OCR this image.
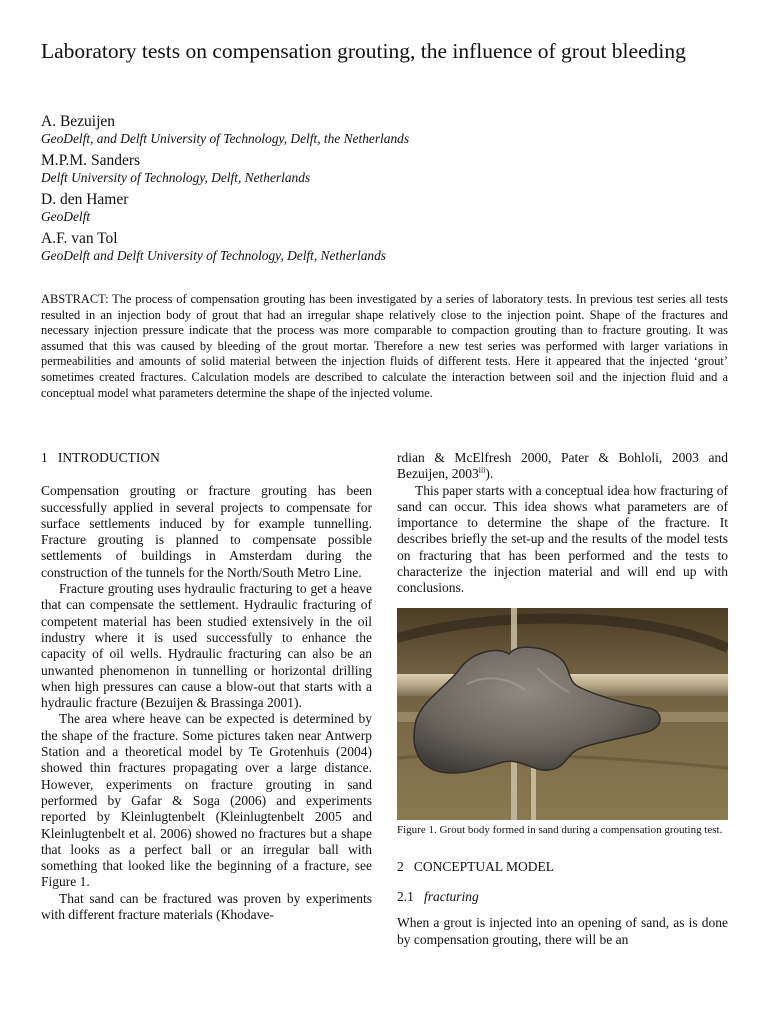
Laboratory tests on compensation grouting, the influence of grout bleeding
A. Bezuijen
GeoDelft, and Delft University of Technology, Delft, the Netherlands
M.P.M. Sanders
Delft University of Technology, Delft, Netherlands
D. den Hamer
GeoDelft
A.F. van Tol
GeoDelft and Delft University of Technology, Delft, Netherlands

ABSTRACT: The process of compensation grouting has been investigated by a series of laboratory tests. In previous test series all tests resulted in an injection body of grout that had an irregular shape relatively close to the injection point. Shape of the fractures and necessary injection pressure indicate that the process was more comparable to compaction grouting than to fracture grouting. It was assumed that this was caused by bleeding of the grout mortar. Therefore a new test series was performed with larger variations in permeabilities and amounts of solid material between the injection fluids of different tests. Here it appeared that the injected ‘grout’ sometimes created fractures. Calculation models are described to calculate the interaction between soil and the injection fluid and a conceptual model what parameters determine the shape of the injected volume.

1 INTRODUCTION

Compensation grouting or fracture grouting has been successfully applied in several projects to compensate for surface settlements induced by for example tunnelling. Fracture grouting is planned to compensate possible settlements of buildings in Amsterdam during the construction of the tunnels for the North/South Metro Line.

Fracture grouting uses hydraulic fracturing to get a heave that can compensate the settlement. Hydraulic fracturing of competent material has been studied extensively in the oil industry where it is used successfully to enhance the capacity of oil wells. Hydraulic fracturing can also be an unwanted phenomenon in tunnelling or horizontal drilling when high pressures can cause a blow-out that starts with a hydraulic fracture (Bezuijen & Brassinga 2001).

The area where heave can be expected is determined by the shape of the fracture. Some pictures taken near Antwerp Station and a theoretical model by Te Grotenhuis (2004) showed thin fractures propagating over a large distance. However, experiments on fracture grouting in sand performed by Gafar & Soga (2006) and experiments reported by Kleinlugtenbelt (Kleinlugtenbelt 2005 and Kleinlugtenbelt et al. 2006) showed no fractures but a shape that looks as a perfect ball or an irregular ball with something that looked like the beginning of a fracture, see Figure 1.

That sand can be fractured was proven by experiments with different fracture materials (Khodave-

rdian & McElfresh 2000, Pater & Bohloli, 2003 and Bezuijen, 2003$^{iii}$).

This paper starts with a conceptual idea how fracturing of sand can occur. This idea shows what parameters are of importance to determine the shape of the fracture. It describes briefly the set-up and the results of the model tests on fracturing that has been performed and the tests to characterize the injection material and will end up with conclusions.

Figure 1. Grout body formed in sand during a compensation grouting test.

2 CONCEPTUAL MODEL
2.1 fracturing

When a grout is injected into an opening of sand, as is done by compensation grouting, there will be an
